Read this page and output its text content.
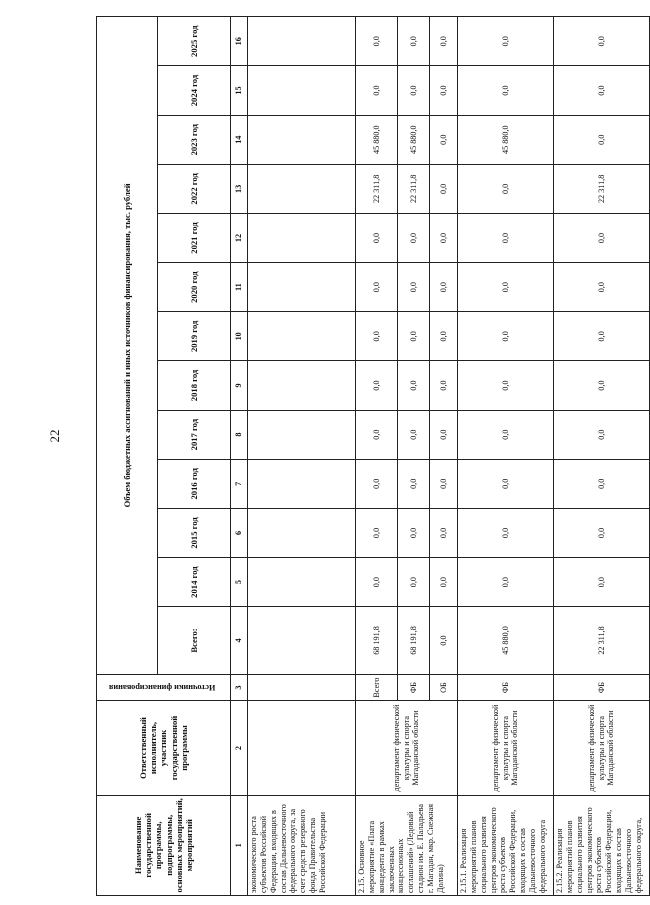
22
Наименование государственной программы, подпрограммы, основных мероприятий, мероприятий	Ответственный исполнитель, участник государственной программы	Источники финансирования	Объем бюджетных ассигнований и иных источников финансирования, тыс. рублей												
			Всего:	2014 год	2015 год	2016 год	2017 год	2018 год	2019 год	2020 год	2021 год	2022 год	2023 год	2024 год	2025 год
1	2	3	4	5	6	7	8	9	10	11	12	13	14	15	16
экономического роста субъектов Российской Федерации, входящих в состав Дальневосточного федерального округа, за счет средств резервного фонда Правительства Российской Федерации															
2.15. Основное мероприятие «Плата концедента в рамках заключенных концессионных соглашений» (Ледовый стадион им. Е. Паладьева г. Магадан, мкр. Снежная Долина)	департамент физической культуры и спорта Магаданской области	Всего	68 191,8	0,0	0,0	0,0	0,0	0,0	0,0	0,0	0,0	22 311,8	45 880,0	0,0	0,0
		ФБ	68 191,8	0,0	0,0	0,0	0,0	0,0	0,0	0,0	0,0	22 311,8	45 880,0	0,0	0,0
		ОБ	0,0	0,0	0,0	0,0	0,0	0,0	0,0	0,0	0,0	0,0	0,0	0,0	0,0
2.15.1. Реализация мероприятий планов социального развития центров экономического роста субъектов Российской Федерации, входящих в состав Дальневосточного федерального округа	департамент физической культуры и спорта Магаданской области	ФБ	45 880,0	0,0	0,0	0,0	0,0	0,0	0,0	0,0	0,0	0,0	45 880,0	0,0	0,0
2.15.2. Реализация мероприятий планов социального развития центров экономического роста субъектов Российской Федерации, входящих в состав Дальневосточного федерального округа,	департамент физической культуры и спорта Магаданской области	ФБ	22 311,8	0,0	0,0	0,0	0,0	0,0	0,0	0,0	0,0	22 311,8	0,0	0,0	0,0
